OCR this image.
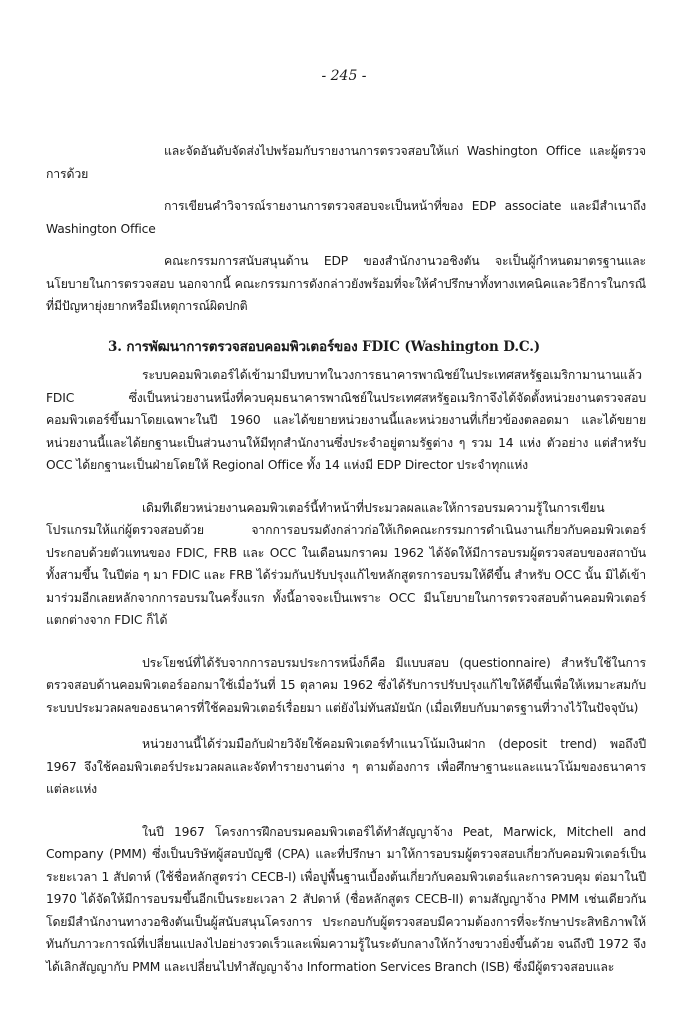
- 245 -

และจัดอันดับจัดส่งไปพร้อมกับรายงานการตรวจสอบให้แก่ Washington Office และผู้ตรวจการด้วย

การเขียนคำวิจารณ์รายงานการตรวจสอบจะเป็นหน้าที่ของ EDP associate และมีสำเนาถึง Washington Office

คณะกรรมการสนับสนุนด้าน EDP ของสำนักงานวอชิงตัน จะเป็นผู้กำหนดมาตรฐานและนโยบายในการตรวจสอบ นอกจากนี้ คณะกรรมการดังกล่าวยังพร้อมที่จะให้คำปรึกษาทั้งทางเทคนิคและวิธีการในกรณีที่มีปัญหายุ่งยากหรือมีเหตุการณ์ผิดปกติ

3. การพัฒนาการตรวจสอบคอมพิวเตอร์ของ FDIC (Washington D.C.)

ระบบคอมพิวเตอร์ได้เข้ามามีบทบาทในวงการธนาคารพาณิชย์ในประเทศสหรัฐอเมริกามานานแล้ว FDIC ซึ่งเป็นหน่วยงานหนึ่งที่ควบคุมธนาคารพาณิชย์ในประเทศสหรัฐอเมริกาจึงได้จัดตั้งหน่วยงานตรวจสอบคอมพิวเตอร์ขึ้นมาโดยเฉพาะในปี 1960 และได้ขยายหน่วยงานนี้และหน่วยงานที่เกี่ยวข้องตลอดมา และได้ขยายหน่วยงานนี้และได้ยกฐานะเป็นส่วนงานให้มีทุกสำนักงานซึ่งประจำอยู่ตามรัฐต่าง ๆ รวม 14 แห่ง ตัวอย่าง แต่สำหรับ OCC ได้ยกฐานะเป็นฝ่ายโดยให้ Regional Office ทั้ง 14 แห่งมี EDP Director ประจำทุกแห่ง

เดิมทีเดียวหน่วยงานคอมพิวเตอร์นี้ทำหน้าที่ประมวลผลและให้การอบรมความรู้ในการเขียนโปรแกรมให้แก่ผู้ตรวจสอบด้วย จากการอบรมดังกล่าวก่อให้เกิดคณะกรรมการดำเนินงานเกี่ยวกับคอมพิวเตอร์ ประกอบด้วยตัวแทนของ FDIC, FRB และ OCC ในเดือนมกราคม 1962 ได้จัดให้มีการอบรมผู้ตรวจสอบของสถาบันทั้งสามขึ้น ในปีต่อ ๆ มา FDIC และ FRB ได้ร่วมกันปรับปรุงแก้ไขหลักสูตรการอบรมให้ดีขึ้น สำหรับ OCC นั้น มิได้เข้ามาร่วมอีกเลยหลักจากการอบรมในครั้งแรก ทั้งนี้อาจจะเป็นเพราะ OCC มีนโยบายในการตรวจสอบด้านคอมพิวเตอร์แตกต่างจาก FDIC ก็ได้

ประโยชน์ที่ได้รับจากการอบรมประการหนึ่งก็คือ มีแบบสอบ (questionnaire) สำหรับใช้ในการตรวจสอบด้านคอมพิวเตอร์ออกมาใช้เมื่อวันที่ 15 ตุลาคม 1962 ซึ่งได้รับการปรับปรุงแก้ไขให้ดีขึ้นเพื่อให้เหมาะสมกับระบบประมวลผลของธนาคารที่ใช้คอมพิวเตอร์เรื่อยมา แต่ยังไม่ทันสมัยนัก (เมื่อเทียบกับมาตรฐานที่วางไว้ในปัจจุบัน)

หน่วยงานนี้ได้ร่วมมือกับฝ่ายวิจัยใช้คอมพิวเตอร์ทำแนวโน้มเงินฝาก (deposit trend) พอถึงปี 1967 จึงใช้คอมพิวเตอร์ประมวลผลและจัดทำรายงานต่าง ๆ ตามต้องการ เพื่อศึกษาฐานะและแนวโน้มของธนาคารแต่ละแห่ง

ในปี 1967 โครงการฝึกอบรมคอมพิวเตอร์ได้ทำสัญญาจ้าง Peat, Marwick, Mitchell and Company (PMM) ซึ่งเป็นบริษัทผู้สอบบัญชี (CPA) และที่ปรึกษา มาให้การอบรมผู้ตรวจสอบเกี่ยวกับคอมพิวเตอร์เป็นระยะเวลา 1 สัปดาห์ (ใช้ชื่อหลักสูตรว่า CECB-I) เพื่อปูพื้นฐานเบื้องต้นเกี่ยวกับคอมพิวเตอร์และการควบคุม ต่อมาในปี 1970 ได้จัดให้มีการอบรมขึ้นอีกเป็นระยะเวลา 2 สัปดาห์ (ชื่อหลักสูตร CECB-II) ตามสัญญาจ้าง PMM เช่นเดียวกัน โดยมีสำนักงานทางวอชิงตันเป็นผู้สนับสนุนโครงการ ประกอบกับผู้ตรวจสอบมีความต้องการที่จะรักษาประสิทธิภาพให้ทันกับภาวะการณ์ที่เปลี่ยนแปลงไปอย่างรวดเร็วและเพิ่มความรู้ในระดับกลางให้กว้างขวางยิ่งขึ้นด้วย จนถึงปี 1972 จึงได้เลิกสัญญากับ PMM และเปลี่ยนไปทำสัญญาจ้าง Information Services Branch (ISB) ซึ่งมีผู้ตรวจสอบและ
